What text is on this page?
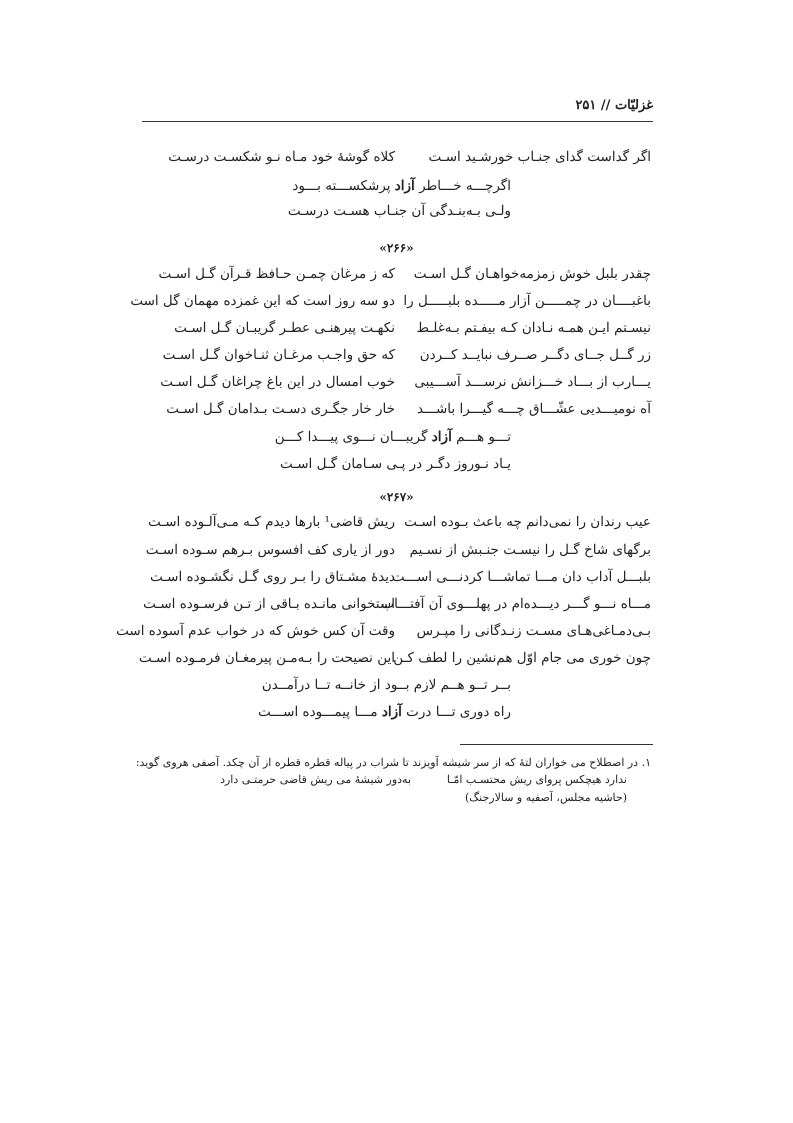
غزلیّات // ۲۵۱
اگر گداست گدای جنـاب خورشـید اسـت
کلاه گوشهٔ خود مـاه نـو شکسـت درسـت
اگرچـــه خـــاطر آزاد پرشکســـته بـــود
ولـی بـه‌بنـدگی آن جنـاب هسـت درسـت
«۲۶۶»
چقدر بلبل خوش زمزمه‌خواهـان گـل اسـت
که ز مرغان چمـن حـافظ قـرآن گـل اسـت
باغبــــان در چمـــــن آزار مـــــده بلبـــــل را
دو سه روز است که این غمزده مهمان گل است
نیسـتم ایـن همـه نـادان کـه بیفـتم بـه‌غلـط
نکهـت پیرهنـی عطـر گریبـان گـل اسـت
زر گــل جــای دگــر صــرف نبایــد کــردن
که حق واجـب مرغـان ثنـاخوان گـل اسـت
یـــارب از بـــاد خـــزانش نرســـد آســـیبی
خوب امسال در این باغ چراغان گـل اسـت
آه نومیـــدیی عشّـــاق چـــه گیـــرا باشـــد
خار خار جگـری دسـت بـدامان گـل اسـت
تـــو هـــم آزاد گریبـــان نـــوی پیـــدا کـــن
یـاد نـوروز دگـر در پـی سـامان گـل اسـت
«۲۶۷»
عیب رندان را نمی‌دانم چه باعث بـوده اسـت
ریش قاضی¹ بارها دیدم کـه مـی‌آلـوده اسـت
برگهای شاخ گـل را نیسـت جنـبش از نسـیم
دور از یاری کف افسوس بـرهم سـوده اسـت
بلبـــل آداب دان مـــا تماشـــا کردنـــی اســـت
دیدهٔ مشـتاق را بـر روی گـل نگشـوده اسـت
مـــاه نـــو گـــر دیـــده‌ام در پهلـــوی آن آفتـــاب
استخوانی مانـده بـاقی از تـن فرسـوده اسـت
بـی‌دمـاغی‌هـای مسـت زنـدگانی را مپـرس
وقت آن کس خوش که در خواب عدم آسوده است
چون خوری می جام اوّل هم‌نشین را لطف کـن
این نصیحت را بـه‌مـن پیرمغـان فرمـوده اسـت
بــر تــو هــم لازم بــود از خانــه تــا درآمــدن
راه دوری تـــا درت آزاد مـــا پیمـــوده اســـت
۱. در اصطلاح می خواران لتهٔ که از سر شیشه آویزند تا شراب در پیاله قطره قطره از آن چکد. آصفی هروی گوید:
ندارد هیچکس پروای ریش محتسـب امّـا
به‌دور شیشهٔ می ریش قاضی حرمتـی دارد
(حاشیه مجلس، آصفیه و سالارجنگ)
